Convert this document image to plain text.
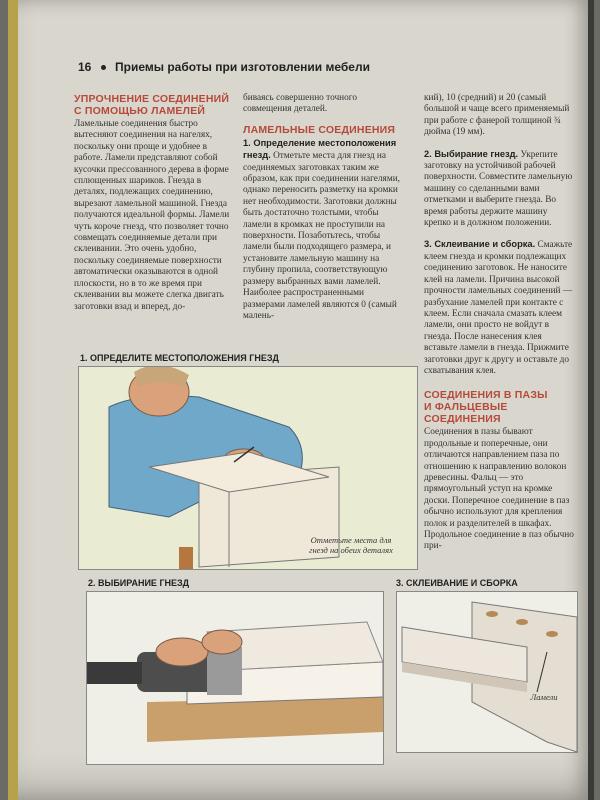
16 Приемы работы при изготовлении мебели
УПРОЧНЕНИЕ СОЕДИНЕНИЙ
С ПОМОЩЬЮ ЛАМЕЛЕЙ

Ламельные соединения быстро вытесняют соединения на нагелях, поскольку они проще и удобнее в работе. Ламели представляют собой кусочки прессованного дерева в форме сплющенных шариков. Гнезда в деталях, подлежащих соединению, вырезают ламельной машиной. Гнезда получаются идеальной формы. Ламели чуть короче гнезд, что позволяет точно совмещать соединяемые детали при склеивании. Это очень удобно, поскольку соединяемые поверхности автоматически оказываются в одной плоскости, но в то же время при склеивании вы можете слегка двигать заготовки взад и вперед, до-

биваясь совершенно точного совмещения деталей.

ЛАМЕЛЬНЫЕ СОЕДИНЕНИЯ

1. Определение местоположения гнезд. Отметьте места для гнезд на соединяемых заготовках таким же образом, как при соединении нагелями, однако переносить разметку на кромки нет необходимости. Заготовки должны быть достаточно толстыми, чтобы ламели в кромках не проступили на поверхности. Позаботьтесь, чтобы ламели были подходящего размера, и установите ламельную машину на глубину пропила, соответствующую размеру выбранных вами ламелей. Наиболее распространенными размерами ламелей являются 0 (самый малень-

кий), 10 (средний) и 20 (самый большой и чаще всего применяемый при работе с фанерой толщиной ¾ дюйма (19 мм).

2. Выбирание гнезд. Укрепите заготовку на устойчивой рабочей поверхности. Совместите ламельную машину со сделанными вами отметками и выберите гнезда. Во время работы держите машину крепко и в должном положении.

3. Склеивание и сборка. Смажьте клеем гнезда и кромки подлежащих соединению заготовок. Не наносите клей на ламели. Причина высокой прочности ламельных соединений — разбухание ламелей при контакте с клеем. Если сначала смазать клеем ламели, они просто не войдут в гнезда. После нанесения клея вставьте ламели в гнезда. Прижмите заготовки друг к другу и оставьте до схватывания клея.

СОЕДИНЕНИЯ В ПАЗЫ
И ФАЛЬЦЕВЫЕ СОЕДИНЕНИЯ

Соединения в пазы бывают продольные и поперечные, они отличаются направлением паза по отношению к направлению волокон древесины. Фальц — это прямоугольный уступ на кромке доски. Поперечное соединение в паз обычно используют для крепления полок и разделителей в шкафах. Продольное соединение в паз обычно при-

1. ОПРЕДЕЛИТЕ МЕСТОПОЛОЖЕНИЯ ГНЕЗД
Отметьте места для
гнезд на обеих деталях
2. ВЫБИРАНИЕ ГНЕЗД	3. СКЛЕИВАНИЕ И СБОРКА
Ламели
